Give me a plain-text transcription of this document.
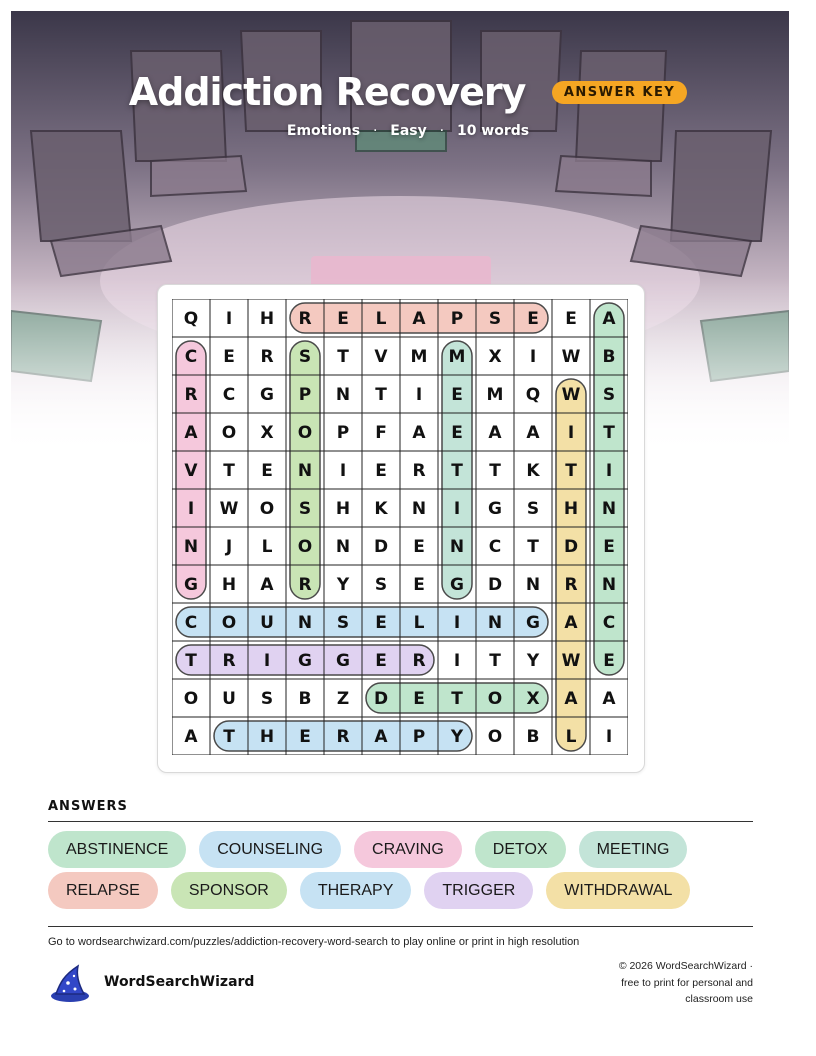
Addiction Recovery	ANSWER KEY
Emotions · Easy · 10 words
Q I H R E L A P S E E A
C E R S T V M M X I W B
R C G P N T I E M Q W S
A O X O P F A E A A I T
V T E N I E R T T K T I
I W O S H K N I G S H N
N J L O N D E N C T D E
G H A R Y S E G D N R N
C O U N S E L I N G A C
T R I G G E R I T Y W E
O U S B Z D E T O X A A
A T H E R A P Y O B L I
ANSWERS
ABSTINENCE	COUNSELING	CRAVING	DETOX	MEETING
RELAPSE	SPONSOR	THERAPY	TRIGGER	WITHDRAWAL
Go to wordsearchwizard.com/puzzles/addiction-recovery-word-search to play online or print in high resolution
WordSearchWizard
© 2026 WordSearchWizard ·
free to print for personal and
classroom use
